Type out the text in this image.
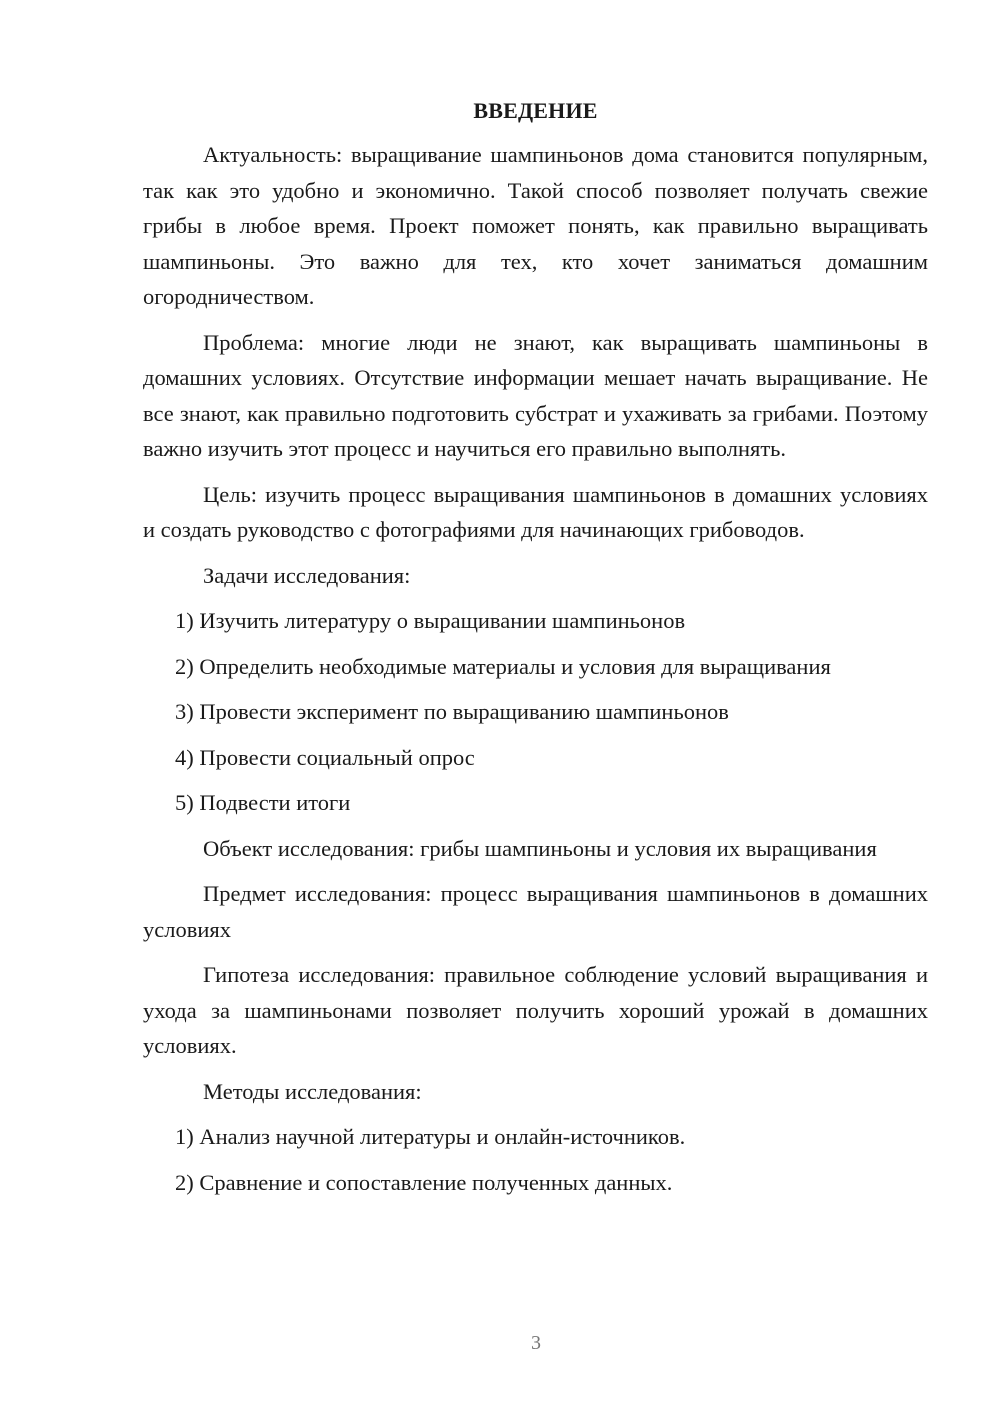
ВВЕДЕНИЕ

Актуальность: выращивание шампиньонов дома становится популярным, так как это удобно и экономично. Такой способ позволяет получать свежие грибы в любое время. Проект поможет понять, как правильно выращивать шампиньоны. Это важно для тех, кто хочет заниматься домашним огородничеством.

Проблема: многие люди не знают, как выращивать шампиньоны в домашних условиях. Отсутствие информации мешает начать выращивание. Не все знают, как правильно подготовить субстрат и ухаживать за грибами. Поэтому важно изучить этот процесс и научиться его правильно выполнять.

Цель: изучить процесс выращивания шампиньонов в домашних условиях и создать руководство с фотографиями для начинающих грибоводов.

Задачи исследования:

1) Изучить литературу о выращивании шампиньонов
2) Определить необходимые материалы и условия для выращивания
3) Провести эксперимент по выращиванию шампиньонов
4) Провести социальный опрос
5) Подвести итоги

Объект исследования: грибы шампиньоны и условия их выращивания

Предмет исследования: процесс выращивания шампиньонов в домашних условиях

Гипотеза исследования: правильное соблюдение условий выращивания и ухода за шампиньонами позволяет получить хороший урожай в домашних условиях.

Методы исследования:

1) Анализ научной литературы и онлайн-источников.
2) Сравнение и сопоставление полученных данных.
3
